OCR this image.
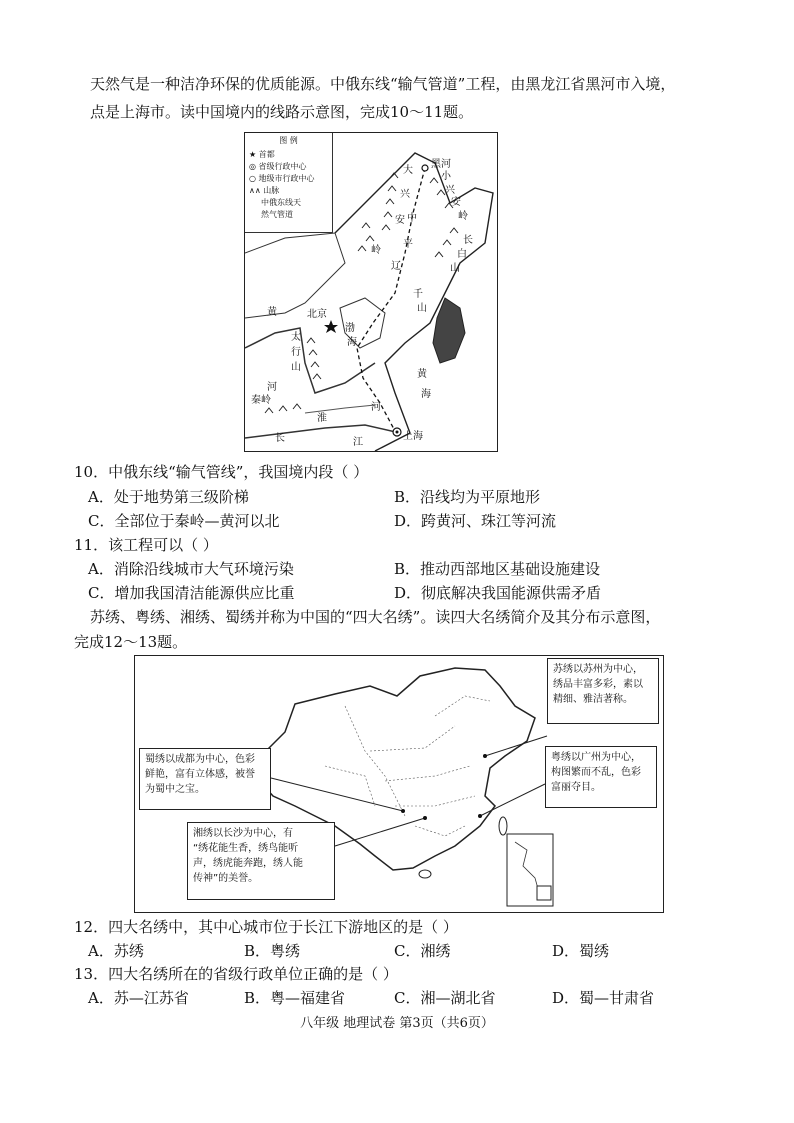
天然气是一种洁净环保的优质能源。中俄东线“输气管道”工程，由黑龙江省黑河市入境，
点是上海市。读中国境内的线路示意图，完成10～11题。
图 例
★ 首都
◎ 省级行政中心
○ 地级市行政中心
∧∧ 山脉
中俄东线天
然气管道
黑河
大
兴
安
岭
小
兴
安
岭
长
白
山
中
辽
平
千
山
北京
渤
海
黄
河
太
行
山
秦岭
淮
河
黄
海
长	江
上海
10．中俄东线“输气管线”，我国境内段（ ）
A．处于地势第三级阶梯	B．沿线均为平原地形
C．全部位于秦岭—黄河以北	D．跨黄河、珠江等河流
11．该工程可以（ ）
A．消除沿线城市大气环境污染	B．推动西部地区基础设施建设
C．增加我国清洁能源供应比重	D．彻底解决我国能源供需矛盾
苏绣、粤绣、湘绣、蜀绣并称为中国的“四大名绣”。读四大名绣简介及其分布示意图，
完成12～13题。
苏绣以苏州为中心，
绣品丰富多彩，素以
精细、雅洁著称。
蜀绣以成都为中心，色彩
鲜艳，富有立体感，被誉
为蜀中之宝。
粤绣以广州为中心，
构图繁而不乱，色彩
富丽夺目。
湘绣以长沙为中心，有
“绣花能生香，绣鸟能听
声，绣虎能奔跑，绣人能
传神”的美誉。
12．四大名绣中，其中心城市位于长江下游地区的是（ ）
A．苏绣	B．粤绣	C．湘绣	D．蜀绣
13．四大名绣所在的省级行政单位正确的是（ ）
A．苏—江苏省	B．粤—福建省	C．湘—湖北省	D．蜀—甘肃省
八年级 地理试卷 第3页（共6页）
